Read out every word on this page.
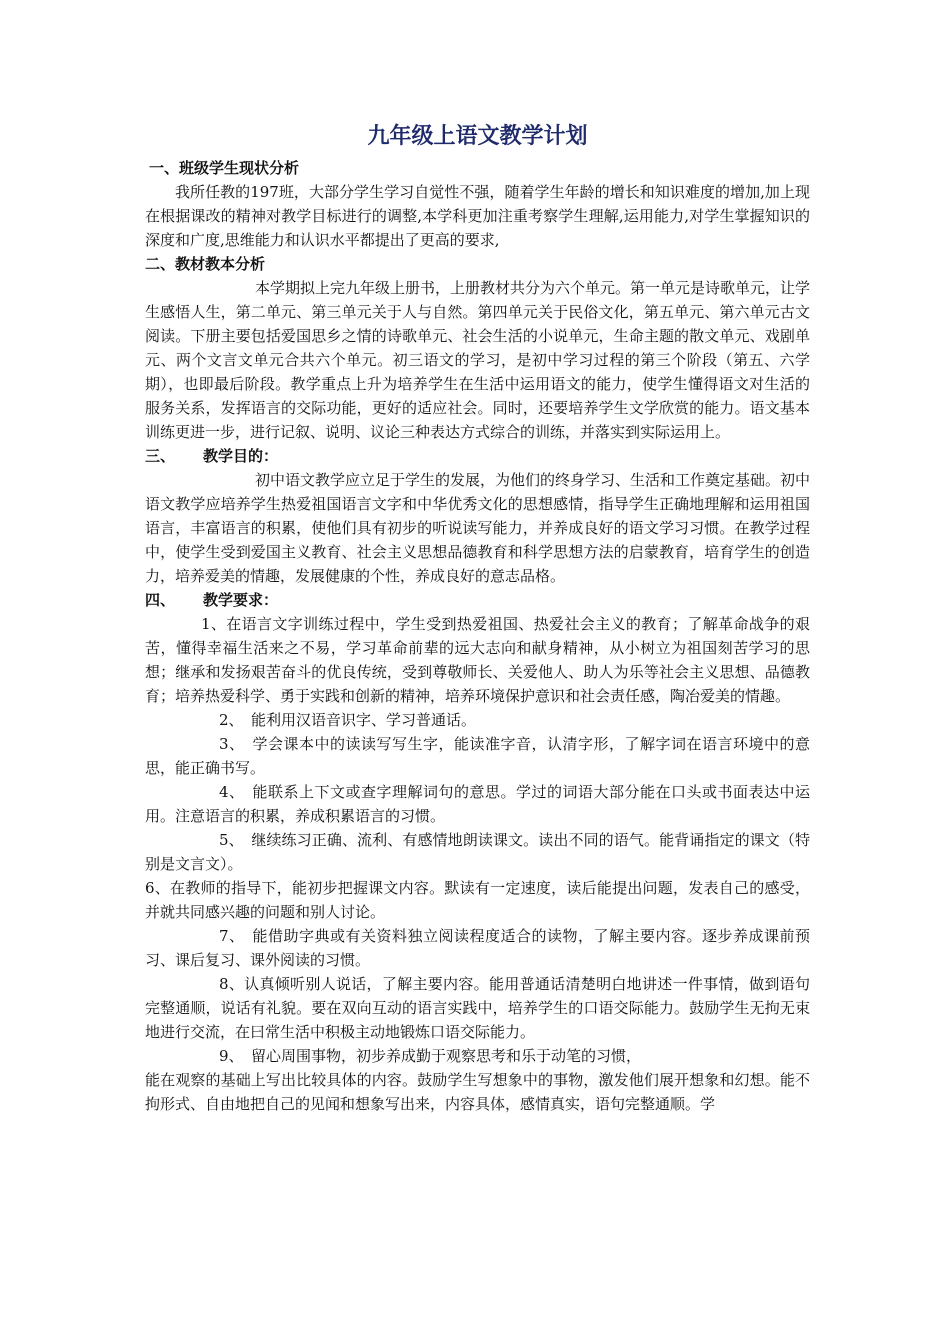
九年级上语文教学计划

一、班级学生现状分析

我所任教的197班，大部分学生学习自觉性不强，随着学生年龄的增长和知识难度的增加,加上现在根据课改的精神对教学目标进行的调整,本学科更加注重考察学生理解,运用能力,对学生掌握知识的深度和广度,思维能力和认识水平都提出了更高的要求,

二、教材教本分析

本学期拟上完九年级上册书，上册教材共分为六个单元。第一单元是诗歌单元，让学生感悟人生，第二单元、第三单元关于人与自然。第四单元关于民俗文化，第五单元、第六单元古文阅读。下册主要包括爱国思乡之情的诗歌单元、社会生活的小说单元，生命主题的散文单元、戏剧单元、两个文言文单元合共六个单元。初三语文的学习，是初中学习过程的第三个阶段（第五、六学期），也即最后阶段。教学重点上升为培养学生在生活中运用语文的能力，使学生懂得语文对生活的服务关系，发挥语言的交际功能，更好的适应社会。同时，还要培养学生文学欣赏的能力。语文基本训练更进一步，进行记叙、说明、议论三种表达方式综合的训练，并落实到实际运用上。

三、 教学目的：

初中语文教学应立足于学生的发展，为他们的终身学习、生活和工作奠定基础。初中语文教学应培养学生热爱祖国语言文字和中华优秀文化的思想感情，指导学生正确地理解和运用祖国语言，丰富语言的积累，使他们具有初步的听说读写能力，并养成良好的语文学习习惯。在教学过程中，使学生受到爱国主义教育、社会主义思想品德教育和科学思想方法的启蒙教育，培育学生的创造力，培养爱美的情趣，发展健康的个性，养成良好的意志品格。

四、 教学要求：

1、在语言文字训练过程中，学生受到热爱祖国、热爱社会主义的教育；了解革命战争的艰苦，懂得幸福生活来之不易，学习革命前辈的远大志向和献身精神，从小树立为祖国刻苦学习的思想；继承和发扬艰苦奋斗的优良传统，受到尊敬师长、关爱他人、助人为乐等社会主义思想、品德教育；培养热爱科学、勇于实践和创新的精神，培养环境保护意识和社会责任感，陶冶爱美的情趣。

2、　能利用汉语音识字、学习普通话。

3、　学会课本中的读读写写生字，能读准字音，认清字形，了解字词在语言环境中的意思，能正确书写。

4、　能联系上下文或查字理解词句的意思。学过的词语大部分能在口头或书面表达中运用。注意语言的积累，养成积累语言的习惯。

5、　继续练习正确、流利、有感情地朗读课文。读出不同的语气。能背诵指定的课文（特别是文言文）。

6、在教师的指导下，能初步把握课文内容。默读有一定速度，读后能提出问题，发表自己的感受，并就共同感兴趣的问题和别人讨论。

7、　能借助字典或有关资料独立阅读程度适合的读物，了解主要内容。逐步养成课前预习、课后复习、课外阅读的习惯。

8、认真倾听别人说话，了解主要内容。能用普通话清楚明白地讲述一件事情，做到语句完整通顺，说话有礼貌。要在双向互动的语言实践中，培养学生的口语交际能力。鼓励学生无拘无束地进行交流，在曰常生活中积极主动地锻炼口语交际能力。

9、　留心周围事物，初步养成勤于观察思考和乐于动笔的习惯，

能在观察的基础上写出比较具体的内容。鼓励学生写想象中的事物，激发他们展开想象和幻想。能不拘形式、自由地把自己的见闻和想象写出来，内容具体，感情真实，语句完整通顺。学
